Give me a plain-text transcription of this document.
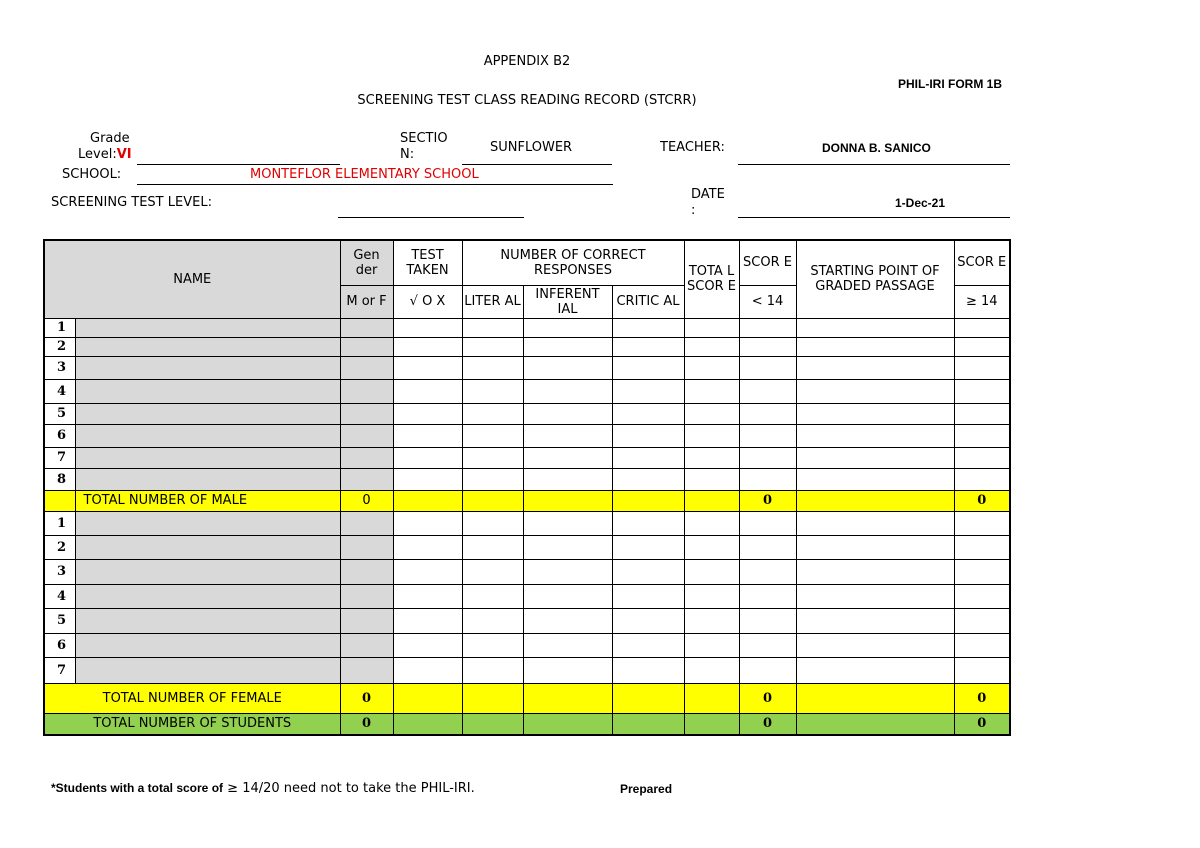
APPENDIX B2
PHIL-IRI FORM 1B
SCREENING TEST CLASS READING RECORD (STCRR)
Grade
Level:VI
SECTIO
N:	SUNFLOWER	TEACHER:	DONNA B. SANICO
SCHOOL:	MONTEFLOR ELEMENTARY SCHOOL
SCREENING TEST LEVEL:
DATE
:	1-Dec-21
NAME		Gen der	TEST TAKEN	NUMBER OF CORRECT RESPONSES			TOTA L SCOR E	SCOR E	STARTING POINT OF GRADED PASSAGE	SCOR E
		M or F	√ O X	LITER AL	INFERENT IAL	CRITIC AL		< 14		≥ 14
1										
2										
3										
4										
5										
6										
7										
8										
	TOTAL NUMBER OF MALE	0						0		0
1										
2										
3										
4										
5										
6										
7										
TOTAL NUMBER OF FEMALE		0						0		0
TOTAL NUMBER OF STUDENTS		0						0		0
*Students with a total score of ≥ 14/20 need not to take the PHIL-IRI.	Prepared
